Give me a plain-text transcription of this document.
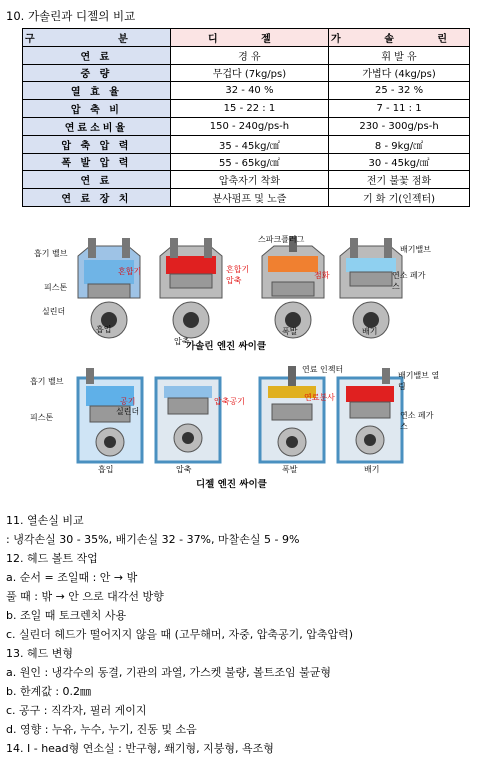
10. 가솔린과 디젤의 비교
구 분	디 젤	가 솔 린
연 료	경 유	휘 발 유
중 량	무겁다 (7kg/ps)	가볍다 (4kg/ps)
열 효 율	32 - 40 %	25 - 32 %
압 축 비	15 - 22 : 1	7 - 11 : 1
연료소비율	150 - 240g/ps-h	230 - 300g/ps-h
압 축 압 력	35 - 45kg/㎠	8 - 9kg/㎠
폭 발 압 력	55 - 65kg/㎠	30 - 45kg/㎠
연 료	압축자기 착화	전기 불꽃 점화
연 료 장 치	분사펌프 및 노즐	기 화 기(인젝터)
흡기 벨브
피스톤
실린더
혼합기	혼합기 압축
스파크플러그
점화
배기밸브
연소 페가스
흡입
압축
폭발	배기
가솔린 엔진 싸이클
흡기 벨브
공기
피스톤
실린더
압축공기
연료 인젝터
연료분사
배기밸브 열림
연소 페가스
흡입	압축	폭발	배기
디젤 엔진 싸이클
11. 열손실 비교
: 냉각손실 30 - 35%, 배기손실 32 - 37%, 마찰손실 5 - 9%
12. 헤드 볼트 작업
a. 순서 = 조일때 : 안 → 밖
풀 때 : 밖 → 안 으로 대각선 방향
b. 조일 때 토크렌치 사용
c. 실린더 헤드가 떨어지지 않을 때 (고무해머, 자중, 압축공기, 압축압력)
13. 헤드 변형
a. 원인 : 냉각수의 동결, 기관의 과열, 가스켓 불량, 볼트조임 불균형
b. 한계값 : 0.2㎜
c. 공구 : 직각자, 필러 게이지
d. 영향 : 누유, 누수, 누기, 진동 및 소음
14. I - head형 연소실 : 반구형, 쐐기형, 지붕형, 욕조형
